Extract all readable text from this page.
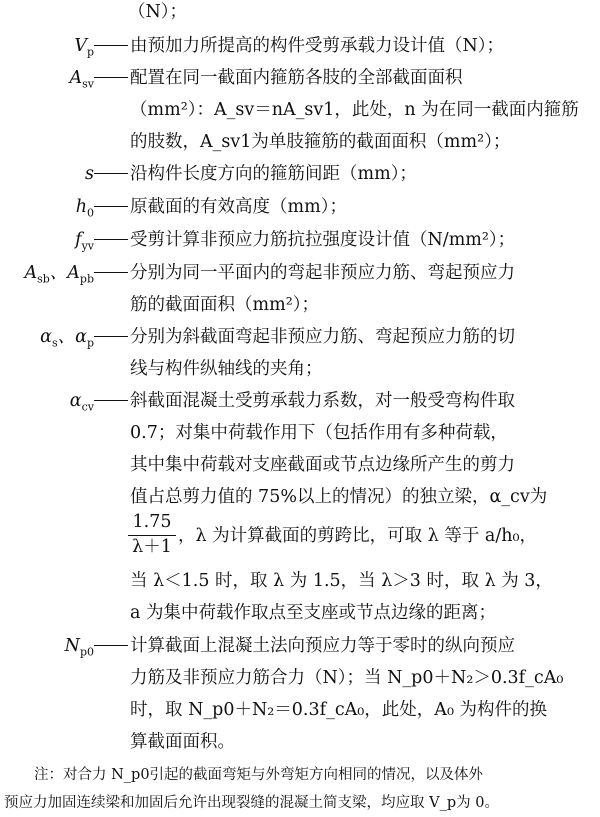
（N）；
$V_p$	由预加力所提高的构件受剪承载力设计值（N）；
$A_{sv}$	配置在同一截面内箍筋各肢的全部截面面积
（mm²）：A_sv＝nA_sv1，此处，n 为在同一截面内箍筋
的肢数，A_sv1为单肢箍筋的截面面积（mm²）；
s	沿构件长度方向的箍筋间距（mm）；
$h_0$	原截面的有效高度（mm）；
$f_{yv}$	受剪计算非预应力筋抗拉强度设计值（N/mm²）；
$A_{sb}$、$A_{pb}$	分别为同一平面内的弯起非预应力筋、弯起预应力
筋的截面面积（mm²）；
$\alpha_s$、$\alpha_p$	分别为斜截面弯起非预应力筋、弯起预应力筋的切
线与构件纵轴线的夹角；
$\alpha_{cv}$	斜截面混凝土受剪承载力系数，对一般受弯构件取
0.7；对集中荷载作用下（包括作用有多种荷载，
其中集中荷载对支座截面或节点边缘所产生的剪力
值占总剪力值的 75%以上的情况）的独立梁，α_cv为
$\frac{1.75}{\lambda+1}$ ，λ 为计算截面的剪跨比，可取 λ 等于 a/h₀，
当 λ＜1.5 时，取 λ 为 1.5，当 λ＞3 时，取 λ 为 3，
a 为集中荷载作取点至支座或节点边缘的距离；
$N_{p0}$	计算截面上混凝土法向预应力等于零时的纵向预应
力筋及非预应力筋合力（N）；当 N_p0＋N₂＞0.3f_cA₀
时，取 N_p0＋N₂＝0.3f_cA₀，此处，A₀ 为构件的换
算截面面积。
注：对合力 N_p0引起的截面弯矩与外弯矩方向相同的情况，以及体外
预应力加固连续梁和加固后允许出现裂缝的混凝土简支梁，均应取 V_p为 0。
